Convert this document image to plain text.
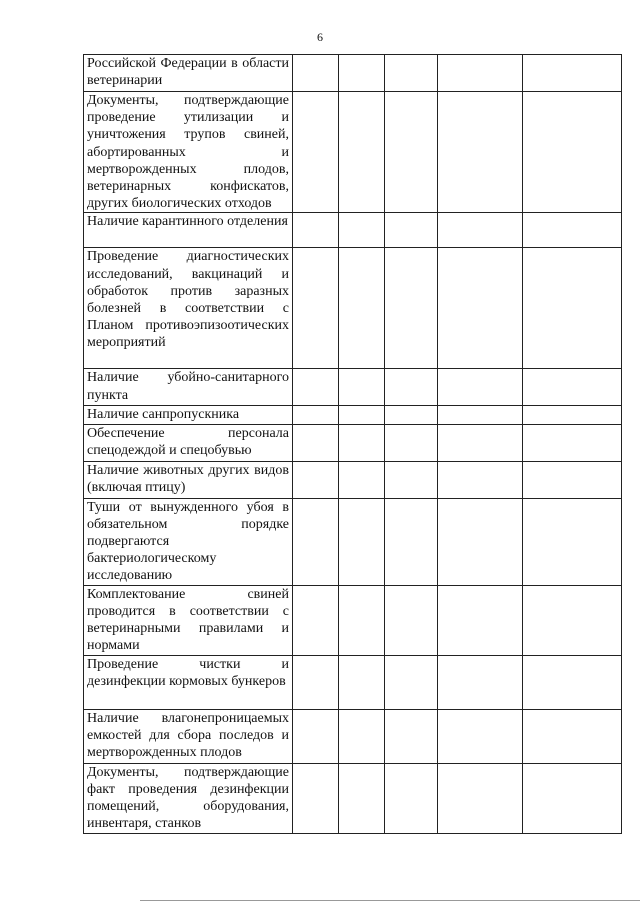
6
Российской Федерации в области ветеринарии					
Документы, подтверждающие проведение утилизации и уничтожения трупов свиней, абортированных и мертворожденных плодов, ветеринарных конфискатов, других биологических отходов					
Наличие карантинного отделения					
Проведение диагностических исследований, вакцинаций и обработок против заразных болезней в соответствии с Планом противоэпизоотических мероприятий					
Наличие убойно-санитарного пункта					
Наличие санпропускника					
Обеспечение персонала спецодеждой и спецобувью					
Наличие животных других видов (включая птицу)					
Туши от вынужденного убоя в обязательном порядке подвергаются бактериологическому исследованию					
Комплектование свиней проводится в соответствии с ветеринарными правилами и нормами					
Проведение чистки и дезинфекции кормовых бункеров					
Наличие влагонепроницаемых емкостей для сбора последов и мертворожденных плодов					
Документы, подтверждающие факт проведения дезинфекции помещений, оборудования, инвентаря, станков					
